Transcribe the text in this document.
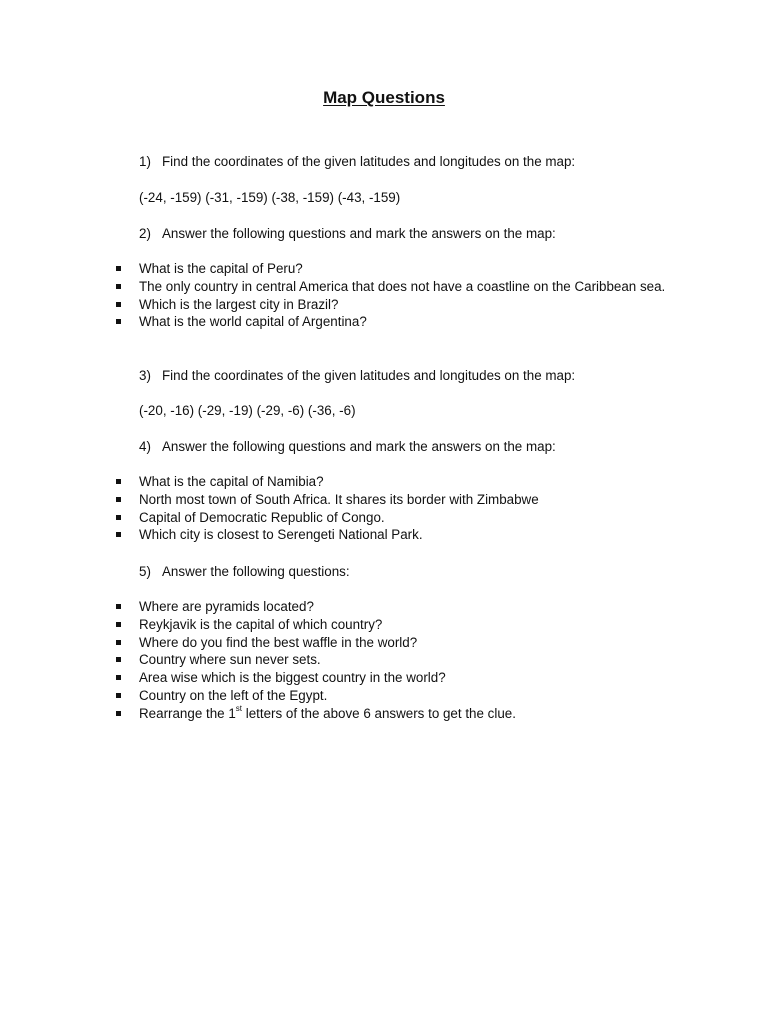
Map Questions
1) Find the coordinates of the given latitudes and longitudes on the map:
(-24, -159) (-31, -159) (-38, -159) (-43, -159)
2) Answer the following questions and mark the answers on the map:
What is the capital of Peru?
The only country in central America that does not have a coastline on the Caribbean sea.
Which is the largest city in Brazil?
What is the world capital of Argentina?
3) Find the coordinates of the given latitudes and longitudes on the map:
(-20, -16) (-29, -19) (-29, -6) (-36, -6)
4) Answer the following questions and mark the answers on the map:
What is the capital of Namibia?
North most town of South Africa. It shares its border with Zimbabwe
Capital of Democratic Republic of Congo.
Which city is closest to Serengeti National Park.
5) Answer the following questions:
Where are pyramids located?
Reykjavik is the capital of which country?
Where do you find the best waffle in the world?
Country where sun never sets.
Area wise which is the biggest country in the world?
Country on the left of the Egypt.
Rearrange the 1st letters of the above 6 answers to get the clue.
